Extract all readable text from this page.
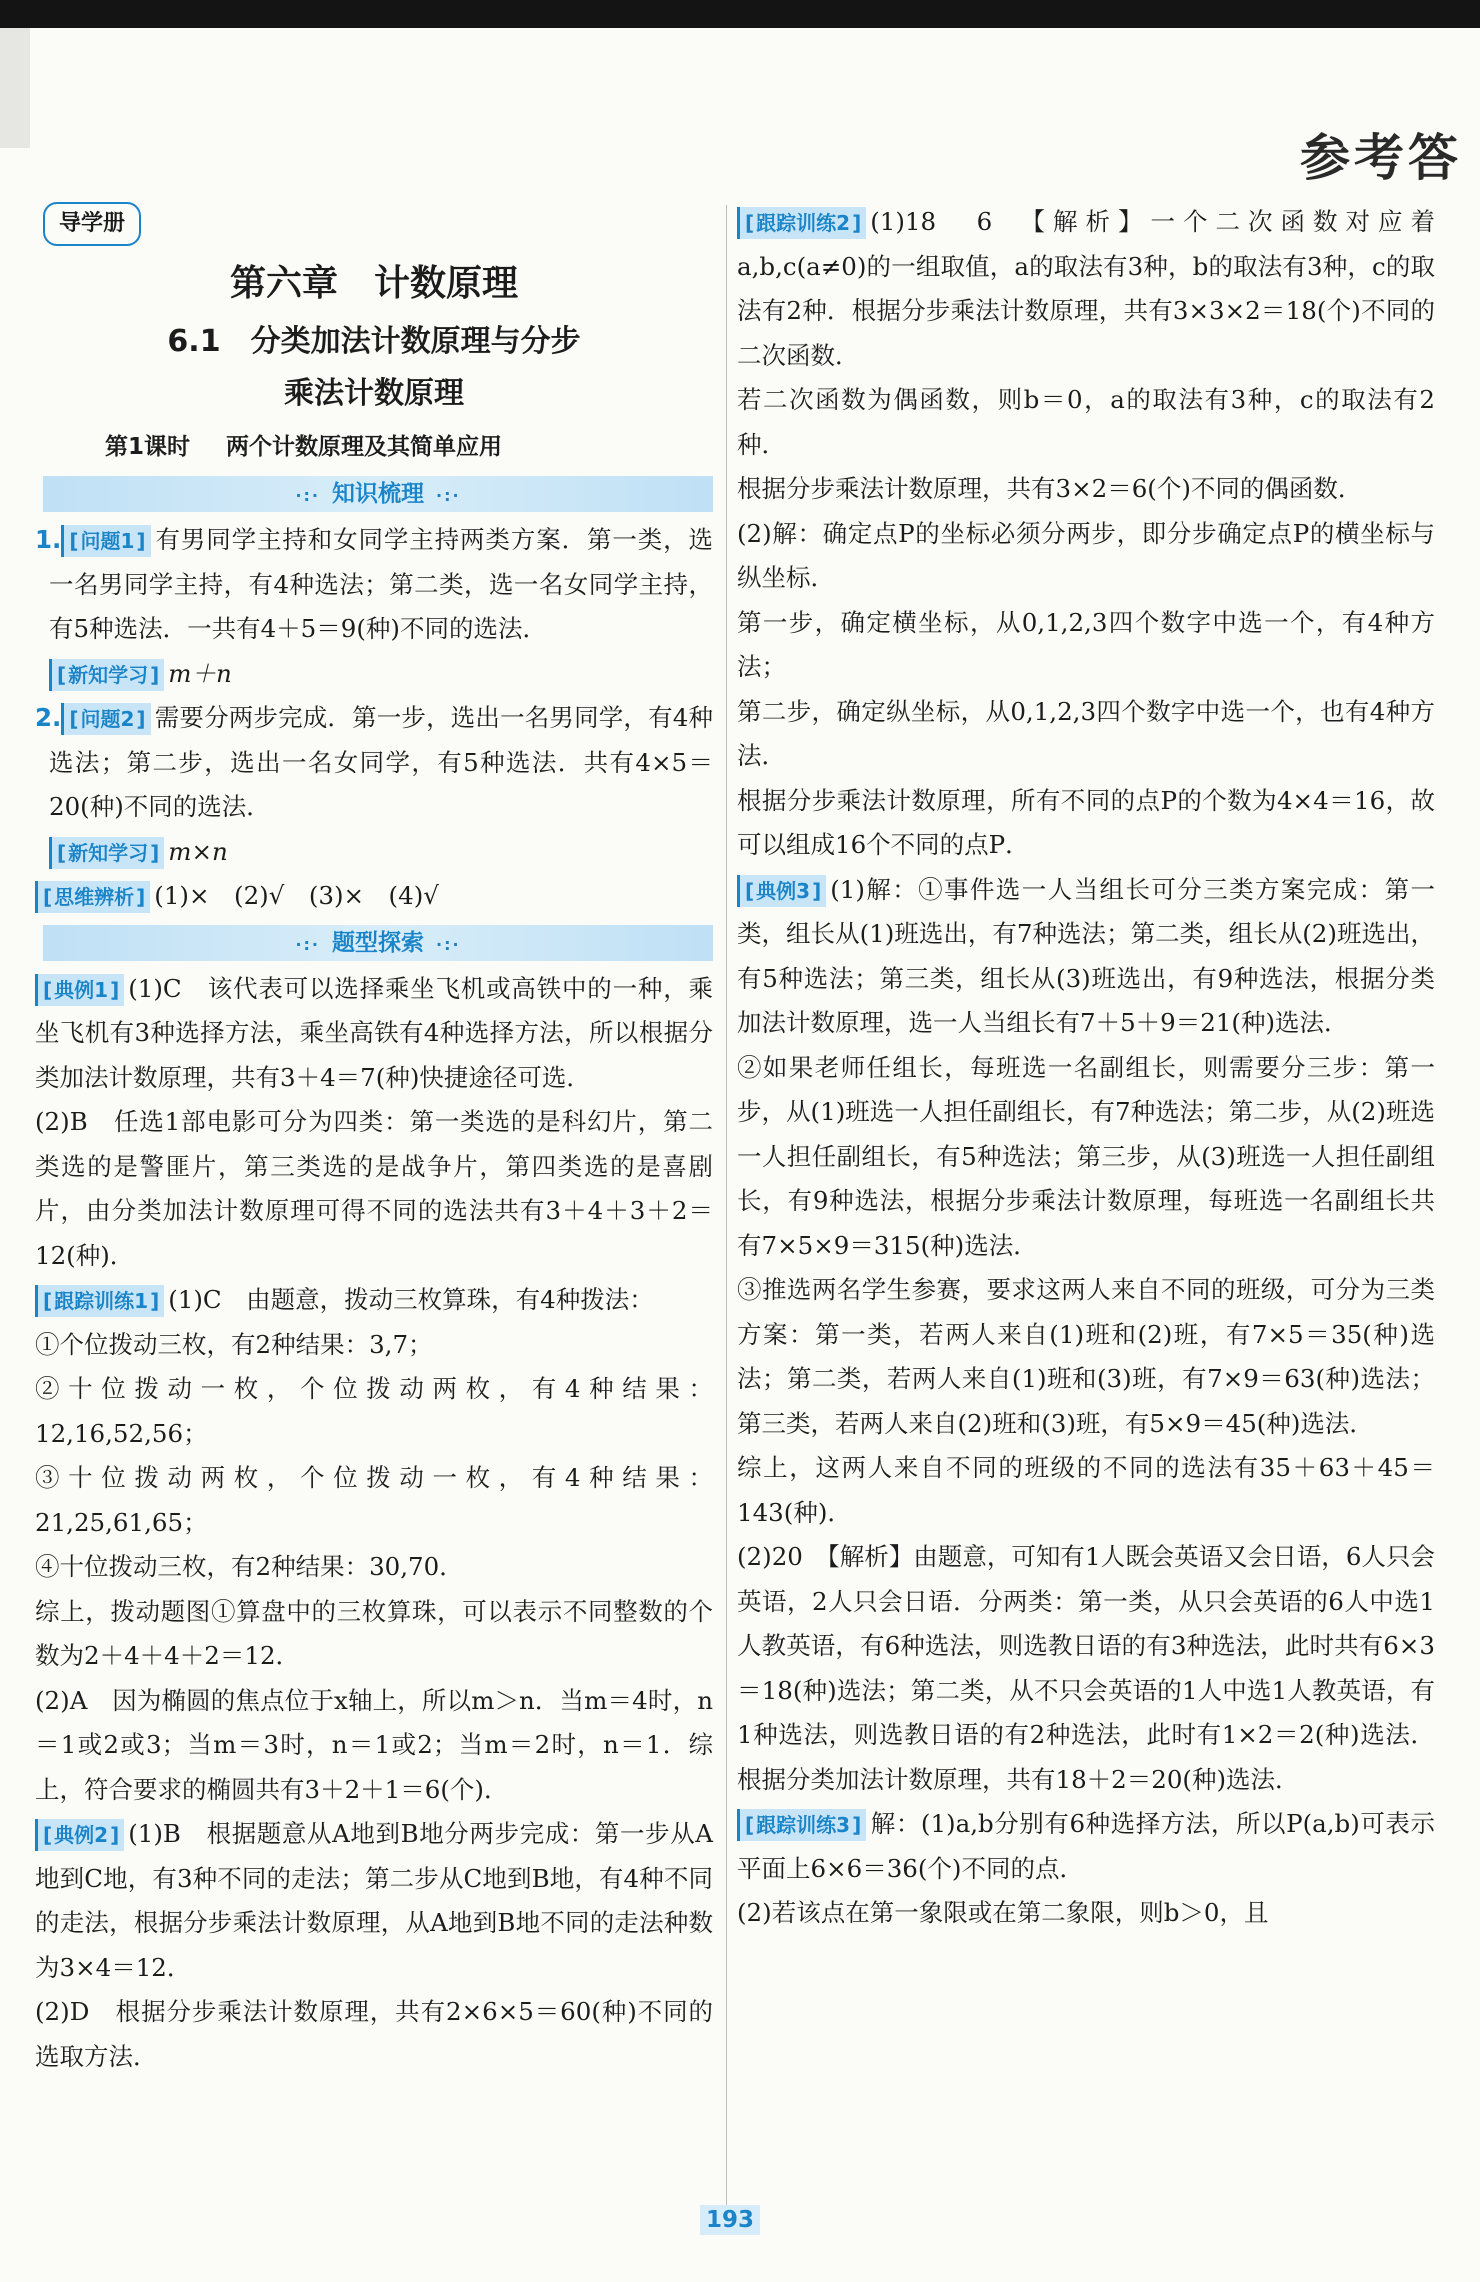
参考答
导学册
第六章　计数原理
6.1　分类加法计数原理与分步
乘法计数原理
第1课时 两个计数原理及其简单应用
·:· 知识梳理 ·:·

1. [ 问题1 ] 有男同学主持和女同学主持两类方案．第一类，选一名男同学主持，有4种选法；第二类，选一名女同学主持，有5种选法．一共有4＋5＝9(种)不同的选法．

[ 新知学习 ] m＋n

2. [ 问题2 ] 需要分两步完成．第一步，选出一名男同学，有4种选法；第二步，选出一名女同学，有5种选法．共有4×5＝20(种)不同的选法．

[ 新知学习 ] m×n

[ 思维辨析 ] (1)×　(2)√　(3)×　(4)√

·:· 题型探索 ·:·

[ 典例1 ] (1)C　该代表可以选择乘坐飞机或高铁中的一种，乘坐飞机有3种选择方法，乘坐高铁有4种选择方法，所以根据分类加法计数原理，共有3＋4＝7(种)快捷途径可选．

(2)B　任选1部电影可分为四类：第一类选的是科幻片，第二类选的是警匪片，第三类选的是战争片，第四类选的是喜剧片，由分类加法计数原理可得不同的选法共有3＋4＋3＋2＝12(种)．

[ 跟踪训练1 ] (1)C　由题意，拨动三枚算珠，有4种拨法：

①个位拨动三枚，有2种结果：3,7；

②十位拨动一枚，个位拨动两枚，有4种结果：12,16,52,56；

③十位拨动两枚，个位拨动一枚，有4种结果：21,25,61,65；

④十位拨动三枚，有2种结果：30,70．

综上，拨动题图①算盘中的三枚算珠，可以表示不同整数的个数为2＋4＋4＋2＝12．

(2)A　因为椭圆的焦点位于x轴上，所以m＞n．当m＝4时，n＝1或2或3；当m＝3时，n＝1或2；当m＝2时，n＝1．综上，符合要求的椭圆共有3＋2＋1＝6(个)．

[ 典例2 ] (1)B　根据题意从A地到B地分两步完成：第一步从A地到C地，有3种不同的走法；第二步从C地到B地，有4种不同的走法，根据分步乘法计数原理，从A地到B地不同的走法种数为3×4＝12．

(2)D　根据分步乘法计数原理，共有2×6×5＝60(种)不同的选取方法．

[ 跟踪训练2 ] (1)18　6　【解析】一个二次函数对应着a,b,c(a≠0)的一组取值，a的取法有3种，b的取法有3种，c的取法有2种．根据分步乘法计数原理，共有3×3×2＝18(个)不同的二次函数．

若二次函数为偶函数，则b＝0，a的取法有3种，c的取法有2种．

根据分步乘法计数原理，共有3×2＝6(个)不同的偶函数．

(2)解：确定点P的坐标必须分两步，即分步确定点P的横坐标与纵坐标．

第一步，确定横坐标，从0,1,2,3四个数字中选一个，有4种方法；

第二步，确定纵坐标，从0,1,2,3四个数字中选一个，也有4种方法．

根据分步乘法计数原理，所有不同的点P的个数为4×4＝16，故可以组成16个不同的点P．

[ 典例3 ] (1)解：①事件选一人当组长可分三类方案完成：第一类，组长从(1)班选出，有7种选法；第二类，组长从(2)班选出，有5种选法；第三类，组长从(3)班选出，有9种选法，根据分类加法计数原理，选一人当组长有7＋5＋9＝21(种)选法．

②如果老师任组长，每班选一名副组长，则需要分三步：第一步，从(1)班选一人担任副组长，有7种选法；第二步，从(2)班选一人担任副组长，有5种选法；第三步，从(3)班选一人担任副组长，有9种选法，根据分步乘法计数原理，每班选一名副组长共有7×5×9＝315(种)选法．

③推选两名学生参赛，要求这两人来自不同的班级，可分为三类方案：第一类，若两人来自(1)班和(2)班，有7×5＝35(种)选法；第二类，若两人来自(1)班和(3)班，有7×9＝63(种)选法；第三类，若两人来自(2)班和(3)班，有5×9＝45(种)选法．

综上，这两人来自不同的班级的不同的选法有35＋63＋45＝143(种)．

(2)20　【解析】由题意，可知有1人既会英语又会日语，6人只会英语，2人只会日语．分两类：第一类，从只会英语的6人中选1人教英语，有6种选法，则选教日语的有3种选法，此时共有6×3＝18(种)选法；第二类，从不只会英语的1人中选1人教英语，有1种选法，则选教日语的有2种选法，此时有1×2＝2(种)选法．根据分类加法计数原理，共有18＋2＝20(种)选法．

[ 跟踪训练3 ] 解：(1)a,b分别有6种选择方法，所以P(a,b)可表示平面上6×6＝36(个)不同的点．

(2)若该点在第一象限或在第二象限，则b＞0，且

193
